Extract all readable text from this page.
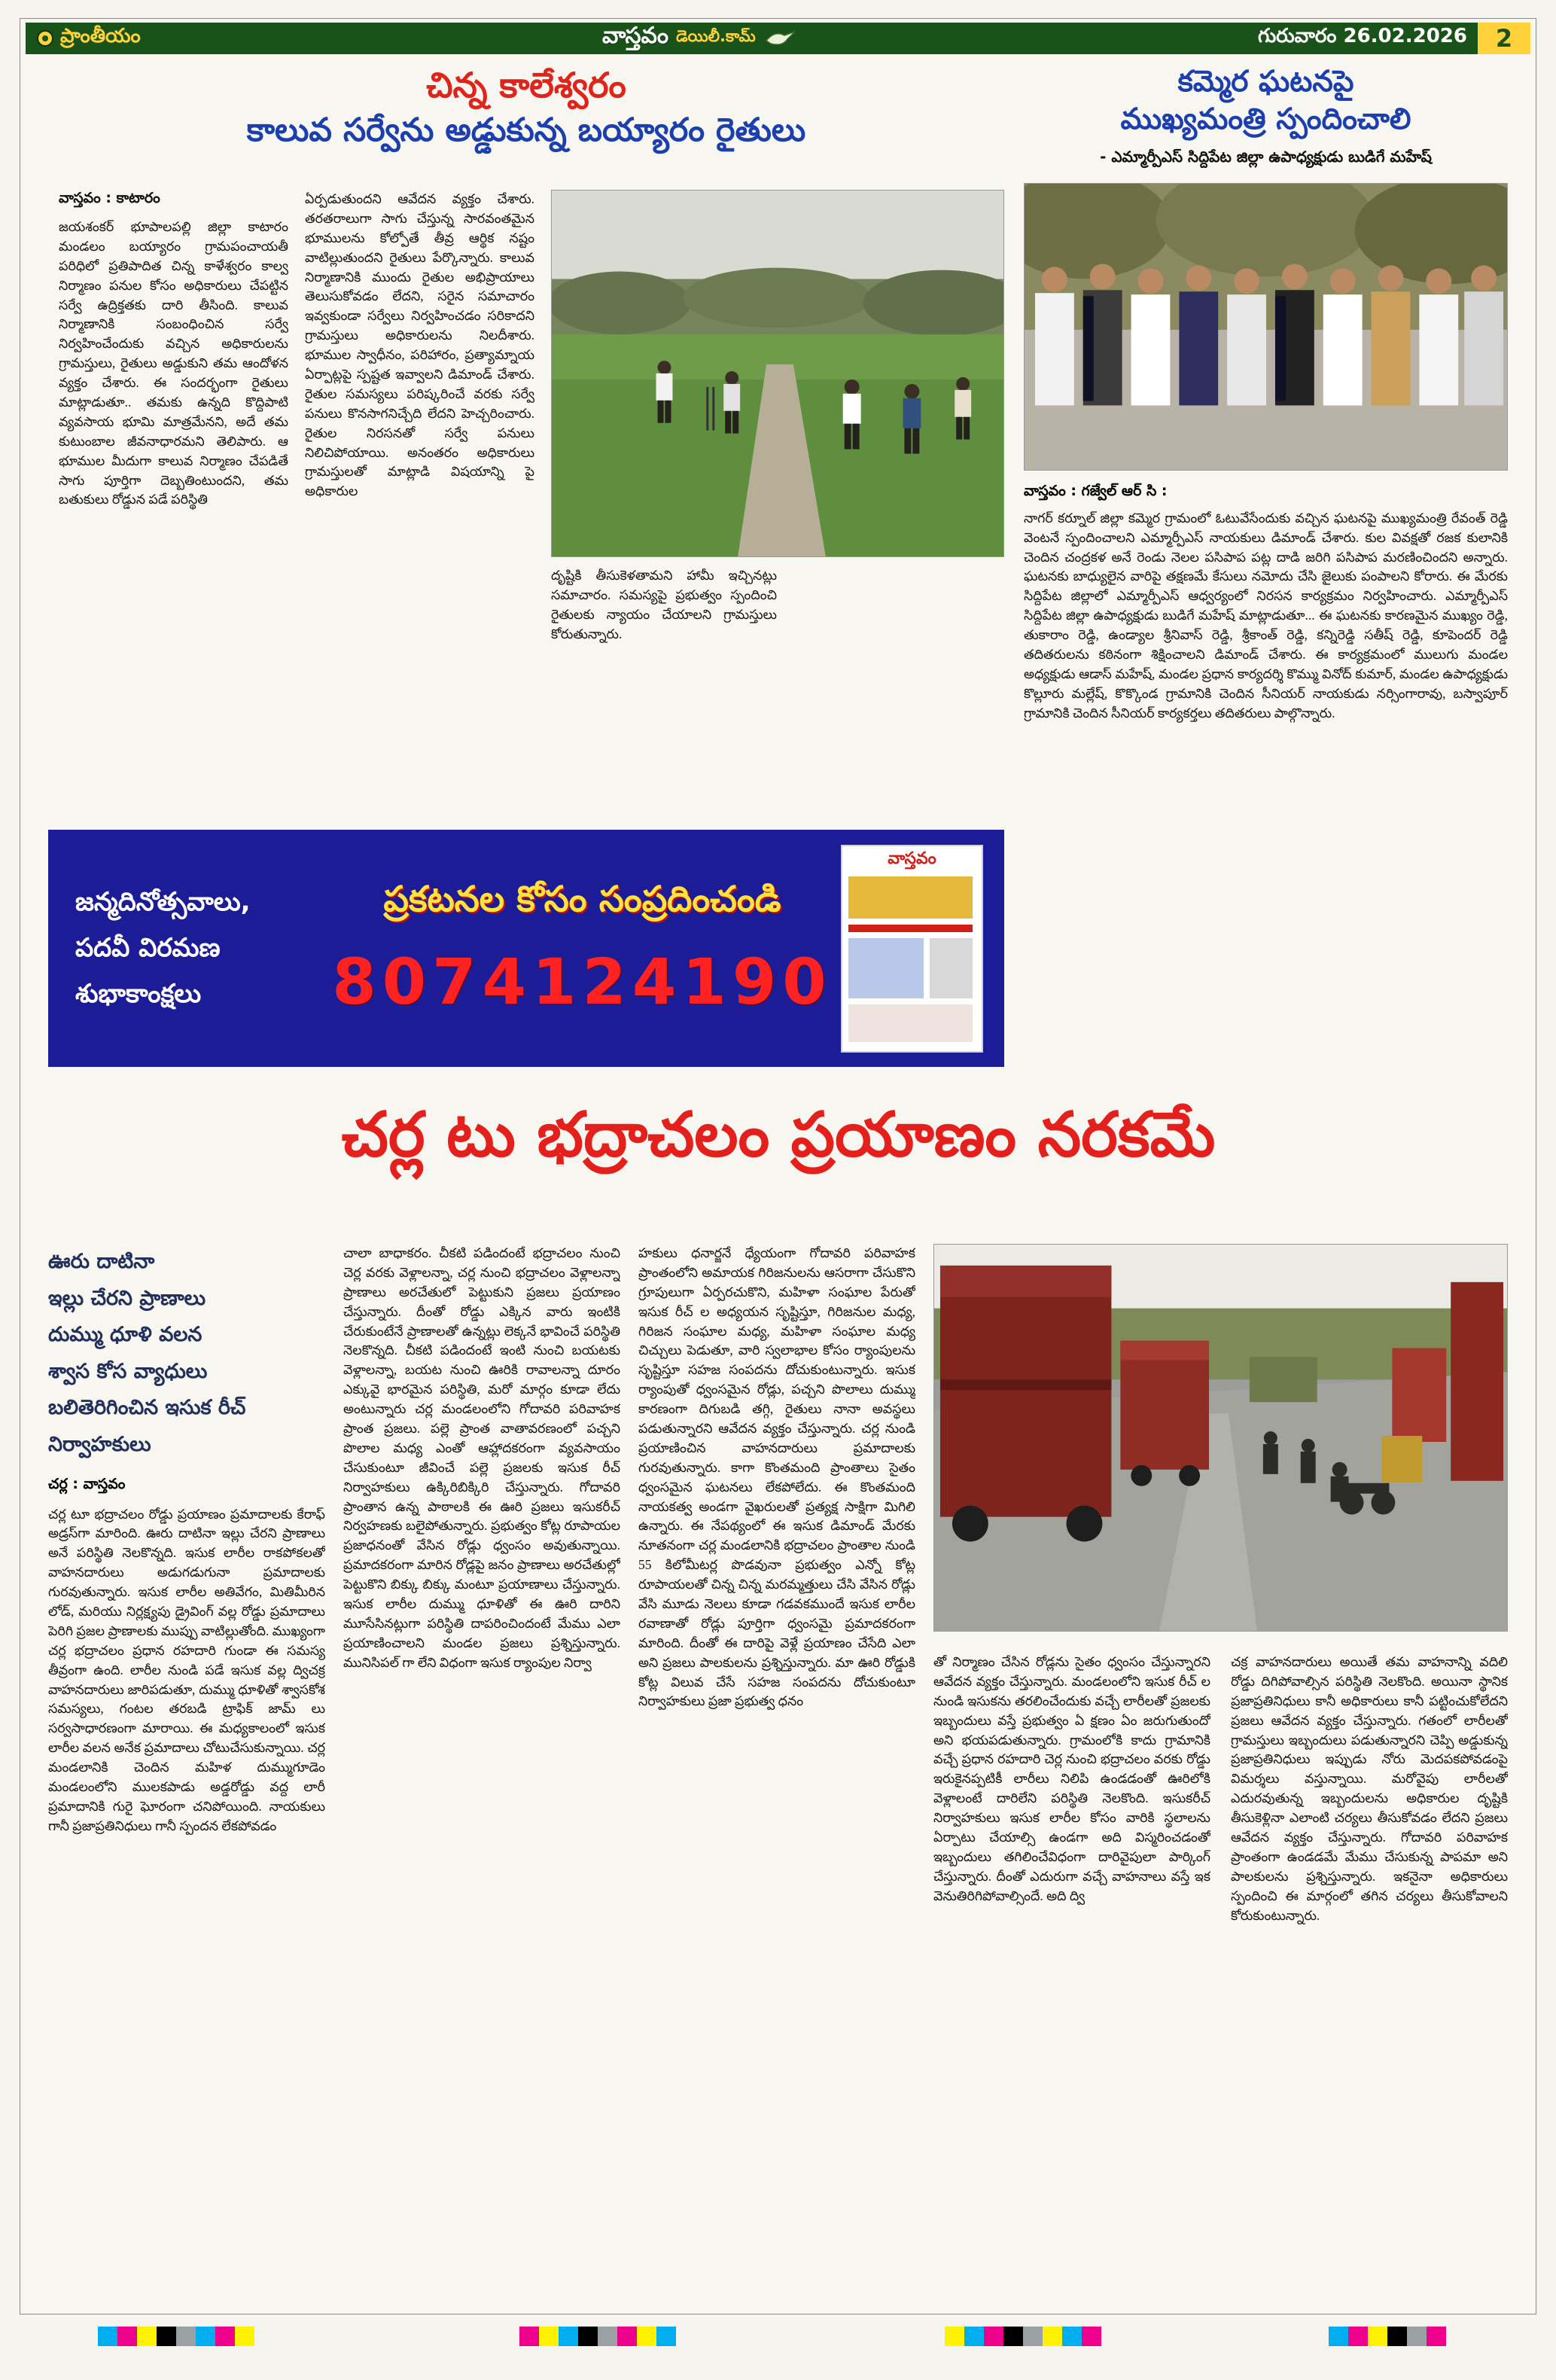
ప్రాంతీయం	వాస్తవం డెయిలీ.కామ్	గురువారం 26.02.2026	2
చిన్న కాలేశ్వరం
కాలువ సర్వేను అడ్డుకున్న బయ్యారం రైతులు
వాస్తవం : కాటారం
జయశంకర్ భూపాలపల్లి జిల్లా కాటారం మండలం బయ్యారం గ్రామపంచాయతీ పరిధిలో ప్రతిపాదిత చిన్న కాళేశ్వరం కాల్వ నిర్మాణం పనుల కోసం అధికారులు చేపట్టిన సర్వే ఉద్రిక్తతకు దారి తీసింది. కాలువ నిర్మాణానికి సంబంధించిన సర్వే నిర్వహించేందుకు వచ్చిన అధికారులను గ్రామస్తులు, రైతులు అడ్డుకుని తమ ఆందోళన వ్యక్తం చేశారు. ఈ సందర్భంగా రైతులు మాట్లాడుతూ.. తమకు ఉన్నది కొద్దిపాటి వ్యవసాయ భూమి మాత్రమేనని, అదే తమ కుటుంబాల జీవనాధారమని తెలిపారు. ఆ భూముల మీదుగా కాలువ నిర్మాణం చేపడితే సాగు పూర్తిగా దెబ్బతింటుందని, తమ బతుకులు రోడ్డున పడే పరిస్థితి
ఏర్పడుతుందని ఆవేదన వ్యక్తం చేశారు. తరతరాలుగా సాగు చేస్తున్న సారవంతమైన భూములను కోల్పోతే తీవ్ర ఆర్థిక నష్టం వాటిల్లుతుందని రైతులు పేర్కొన్నారు. కాలువ నిర్మాణానికి ముందు రైతుల అభిప్రాయాలు తెలుసుకోవడం లేదని, సరైన సమాచారం ఇవ్వకుండా సర్వేలు నిర్వహించడం సరికాదని గ్రామస్తులు అధికారులను నిలదీశారు. భూముల స్వాధీనం, పరిహారం, ప్రత్యామ్నాయ ఏర్పాట్లపై స్పష్టత ఇవ్వాలని డిమాండ్ చేశారు. రైతుల సమస్యలు పరిష్కరించే వరకు సర్వే పనులు కొనసాగనిచ్చేది లేదని హెచ్చరించారు. రైతుల నిరసనతో సర్వే పనులు నిలిచిపోయాయి. అనంతరం అధికారులు గ్రామస్తులతో మాట్లాడి విషయాన్ని పై అధికారుల
దృష్టికి తీసుకెళతామని హామీ ఇచ్చినట్లు సమాచారం. సమస్యపై ప్రభుత్వం స్పందించి రైతులకు న్యాయం చేయాలని గ్రామస్తులు కోరుతున్నారు.
కమ్మెర ఘటనపై
ముఖ్యమంత్రి స్పందించాలి
- ఎమ్మార్పీఎస్ సిద్దిపేట జిల్లా ఉపాధ్యక్షుడు బుడిగే మహేష్
వాస్తవం : గజ్వేల్ ఆర్ సి :
నాగర్ కర్నూల్ జిల్లా కమ్మెర గ్రామంలో ఓటువేసేందుకు వచ్చిన ఘటనపై ముఖ్యమంత్రి రేవంత్ రెడ్డి వెంటనే స్పందించాలని ఎమ్మార్పీఎస్ నాయకులు డిమాండ్ చేశారు. కుల వివక్షతో రజక కులానికి చెందిన చంద్రకళ అనే రెండు నెలల పసిపాప పట్ల దాడి జరిగి పసిపాప మరణించిందని అన్నారు. ఘటనకు బాధ్యులైన వారిపై తక్షణమే కేసులు నమోదు చేసి జైలుకు పంపాలని కోరారు. ఈ మేరకు సిద్దిపేట జిల్లాలో ఎమ్మార్పీఎస్ ఆధ్వర్యంలో నిరసన కార్యక్రమం నిర్వహించారు. ఎమ్మార్పీఎస్ సిద్దిపేట జిల్లా ఉపాధ్యక్షుడు బుడిగే మహేష్ మాట్లాడుతూ... ఈ ఘటనకు కారణమైన ముఖ్యం రెడ్డి, తుకారాం రెడ్డి, ఉండ్యాల శ్రీనివాస్ రెడ్డి, శ్రీకాంత్ రెడ్డి, కన్నిరెడ్డి సతీష్ రెడ్డి, కూపెందర్ రెడ్డి తదితరులను కఠినంగా శిక్షించాలని డిమాండ్ చేశారు. ఈ కార్యక్రమంలో ములుగు మండల అధ్యక్షుడు ఆడాస్ మహేష్, మండల ప్రధాన కార్యదర్శి కొమ్ము వినోద్ కుమార్, మండల ఉపాధ్యక్షుడు కొల్లూరు మల్లేష్, కొక్కొండ గ్రామానికి చెందిన సీనియర్ నాయకుడు నర్సింగారావు, బస్వాపూర్ గ్రామానికి చెందిన సీనియర్ కార్యకర్తలు తదితరులు పాల్గొన్నారు.
జన్మదినోత్సవాలు,
పదవీ విరమణ
శుభాకాంక్షలు
ప్రకటనల కోసం సంప్రదించండి
8074124190
వాస్తవం
చర్ల టు భద్రాచలం ప్రయాణం నరకమే
ఊరు దాటినా
ఇల్లు చేరని ప్రాణాలు
దుమ్ము ధూళి వలన
శ్వాస కోస వ్యాధులు
బలితెరిగించిన ఇసుక రీచ్
నిర్వాహకులు
చర్ల : వాస్తవం
చర్ల టూ భద్రాచలం రోడ్డు ప్రయాణం ప్రమాదాలకు కేరాఫ్ అడ్రస్‌గా మారింది. ఊరు దాటినా ఇల్లు చేరని ప్రాణాలు అనే పరిస్థితి నెలకొన్నది. ఇసుక లారీల రాకపోకలతో వాహనదారులు అడుగడుగునా ప్రమాదాలకు గురవుతున్నారు. ఇసుక లారీల అతివేగం, మితిమీరిన లోడ్, మరియు నిర్లక్ష్యపు డ్రైవింగ్ వల్ల రోడ్డు ప్రమాదాలు పెరిగి ప్రజల ప్రాణాలకు ముప్పు వాటిల్లుతోంది. ముఖ్యంగా చర్ల భద్రాచలం ప్రధాన రహదారి గుండా ఈ సమస్య తీవ్రంగా ఉంది. లారీల నుండి పడే ఇసుక వల్ల ద్విచక్ర వాహనదారులు జారిపడుతూ, దుమ్ము ధూళితో శ్వాసకోశ సమస్యలు, గంటల తరబడి ట్రాఫిక్ జామ్ లు సర్వసాధారణంగా మారాయి. ఈ మధ్యకాలంలో ఇసుక లారీల వలన అనేక ప్రమాదాలు చోటుచేసుకున్నాయి. చర్ల మండలానికి చెందిన మహిళ దుమ్ముగూడెం మండలంలోని ములకపాడు అడ్డరోడ్డు వద్ద లారీ ప్రమాదానికి గురై ఘోరంగా చనిపోయింది. నాయకులు గానీ ప్రజాప్రతినిధులు గానీ స్పందన లేకపోవడం
చాలా బాధాకరం. చీకటి పడిందంటే భద్రాచలం నుంచి చెర్ల వరకు వెళ్లాలన్నా, చర్ల నుంచి భద్రాచలం వెళ్లాలన్నా ప్రాణాలు అరచేతులో పెట్టుకుని ప్రజలు ప్రయాణం చేస్తున్నారు. దీంతో రోడ్డు ఎక్కిన వారు ఇంటికి చేరుకుంటేనే ప్రాణాలతో ఉన్నట్లు లెక్కనే భావించే పరిస్థితి నెలకొన్నది. చీకటి పడిందంటే ఇంటి నుంచి బయటకు వెళ్లాలన్నా, బయట నుంచి ఊరికి రావాలన్నా దూరం ఎక్కువై భారమైన పరిస్థితి, మరో మార్గం కూడా లేదు అంటున్నారు చర్ల మండలంలోని గోదావరి పరివాహక ప్రాంత ప్రజలు. పల్లె ప్రాంత వాతావరణంలో పచ్చని పొలాల మధ్య ఎంతో ఆహ్లాదకరంగా వ్యవసాయం చేసుకుంటూ జీవించే పల్లె ప్రజలకు ఇసుక రీచ్ నిర్వాహకులు ఉక్కిరిబిక్కిరి చేస్తున్నారు. గోదావరి ప్రాంతాన ఉన్న పాఠాలకి ఈ ఊరి ప్రజలు ఇసుకరీచ్ నిర్వహణకు బలైపోతున్నారు. ప్రభుత్వం కోట్ల రూపాయల ప్రజాధనంతో వేసిన రోడ్లు ధ్వంసం అవుతున్నాయి. ప్రమాదకరంగా మారిన రోడ్లపై జనం ప్రాణాలు అరచేతుల్లో పెట్టుకొని బిక్కు బిక్కు మంటూ ప్రయాణాలు చేస్తున్నారు. ఇసుక లారీల దుమ్ము ధూళితో ఈ ఊరి దారిని మూసేసినట్లుగా పరిస్థితి దాపరించిందంటే మేము ఎలా ప్రయాణించాలని మండల ప్రజలు ప్రశ్నిస్తున్నారు. మునిసిపల్ గా లేని విధంగా ఇసుక ర్యాంపుల నిర్వా
హకులు ధనార్జనే ధ్యేయంగా గోదావరి పరివాహక ప్రాంతంలోని అమాయక గిరిజనులను ఆసరాగా చేసుకొని గ్రూపులుగా ఏర్పరచుకొని, మహిళా సంఘాల పేరుతో ఇసుక రీచ్ ల అధ్యయన సృష్టిస్తూ, గిరిజనుల మధ్య, గిరిజన సంఘాల మధ్య, మహిళా సంఘాల మధ్య చిచ్చులు పెడుతూ, వారి స్వలాభాల కోసం ర్యాంపులను సృష్టిస్తూ సహజ సంపదను దోచుకుంటున్నారు. ఇసుక ర్యాంపుతో ధ్వంసమైన రోడ్లు, పచ్చని పొలాలు దుమ్ము కారణంగా దిగుబడి తగ్గి, రైతులు నానా అవస్థలు పడుతున్నారని ఆవేదన వ్యక్తం చేస్తున్నారు. చర్ల నుండి ప్రయాణించిన వాహనదారులు ప్రమాదాలకు గురవుతున్నారు. కాగా కొంతమంది ప్రాంతాలు సైతం ధ్వంసమైన ఘటనలు లేకపోలేదు. ఈ కొంతమంది నాయకత్వ అండగా వైఖరులతో ప్రత్యక్ష సాక్షిగా మిగిలి ఉన్నారు. ఈ నేపథ్యంలో ఈ ఇసుక డిమాండ్ మేరకు నూతనంగా చర్ల మండలానికి భద్రాచలం ప్రాంతాల నుండి 55 కిలోమీటర్ల పొడవునా ప్రభుత్వం ఎన్నో కోట్ల రూపాయలతో చిన్న చిన్న మరమ్మత్తులు చేసి వేసిన రోడ్లు వేసి మూడు నెలలు కూడా గడవకముందే ఇసుక లారీల రవాణాతో రోడ్లు పూర్తిగా ధ్వంసమై ప్రమాదకరంగా మారింది. దీంతో ఈ దారిపై వెళ్లే ప్రయాణం చేసేది ఎలా అని ప్రజలు పాలకులను ప్రశ్నిస్తున్నారు. మా ఊరి రోడ్డుకి కోట్ల విలువ చేసే సహజ సంపదను దోచుకుంటూ నిర్వాహకులు ప్రజా ప్రభుత్వ ధనం
తో నిర్మాణం చేసిన రోడ్లను సైతం ధ్వంసం చేస్తున్నారని ఆవేదన వ్యక్తం చేస్తున్నారు. మండలంలోని ఇసుక రీచ్ ల నుండి ఇసుకను తరలించేందుకు వచ్చే లారీలతో ప్రజలకు ఇబ్బందులు వస్తే ప్రభుత్వం ఏ క్షణం ఏం జరుగుతుందో అని భయపడుతున్నారు. గ్రామంలోకి కాదు గ్రామానికి వచ్చే ప్రధాన రహదారి చెర్ల నుంచి భద్రాచలం వరకు రోడ్డు ఇరుకైనప్పటికీ లారీలు నిలిపి ఉండడంతో ఊరిలోకి వెళ్లాలంటే దారిలేని పరిస్థితి నెలకొంది. ఇసుకరీచ్ నిర్వాహకులు ఇసుక లారీల కోసం వారికి స్థలాలను ఏర్పాటు చేయాల్సి ఉండగా అది విస్మరించడంతో ఇబ్బందులు తగిలించేవిధంగా దారివైపులా పార్కింగ్ చేస్తున్నారు. దీంతో ఎదురుగా వచ్చే వాహనాలు వస్తే ఇక వెనుతిరిగిపోవాల్సిందే. అది ద్వి
చక్ర వాహనదారులు అయితే తమ వాహనాన్ని వదిలి రోడ్డు దిగిపోవాల్సిన పరిస్థితి నెలకొంది. అయినా స్థానిక ప్రజాప్రతినిధులు కానీ అధికారులు కానీ పట్టించుకోలేదని ప్రజలు ఆవేదన వ్యక్తం చేస్తున్నారు. గతంలో లారీలతో గ్రామస్తులు ఇబ్బందులు పడుతున్నారని చెప్పి అడ్డుకున్న ప్రజాప్రతినిధులు ఇప్పుడు నోరు మెదపకపోవడంపై విమర్శలు వస్తున్నాయి. మరోవైపు లారీలతో ఎదురవుతున్న ఇబ్బందులను అధికారుల దృష్టికి తీసుకెళ్లినా ఎలాంటి చర్యలు తీసుకోవడం లేదని ప్రజలు ఆవేదన వ్యక్తం చేస్తున్నారు. గోదావరి పరివాహక ప్రాంతంగా ఉండడమే మేము చేసుకున్న పాపమా అని పాలకులను ప్రశ్నిస్తున్నారు. ఇకనైనా అధికారులు స్పందించి ఈ మార్గంలో తగిన చర్యలు తీసుకోవాలని కోరుకుంటున్నారు.
